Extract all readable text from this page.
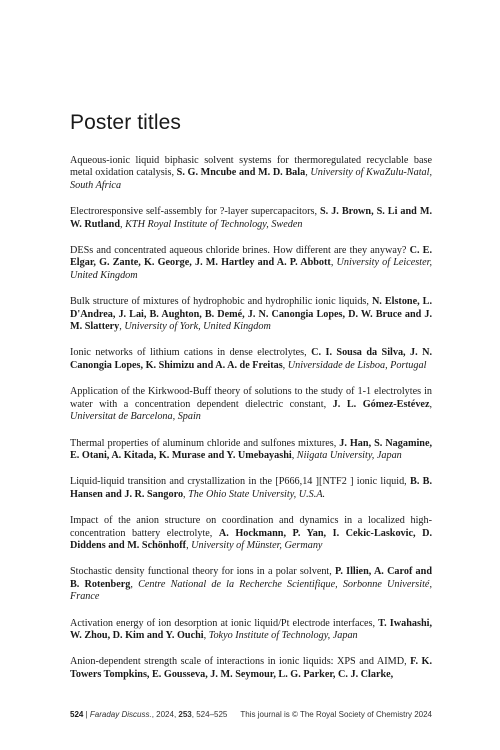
Poster titles

Aqueous-ionic liquid biphasic solvent systems for thermoregulated recyclable base metal oxidation catalysis, S. G. Mncube and M. D. Bala, University of KwaZulu-Natal, South Africa

Electroresponsive self-assembly for ?-layer supercapacitors, S. J. Brown, S. Li and M. W. Rutland, KTH Royal Institute of Technology, Sweden

DESs and concentrated aqueous chloride brines. How different are they anyway? C. E. Elgar, G. Zante, K. George, J. M. Hartley and A. P. Abbott, University of Leicester, United Kingdom

Bulk structure of mixtures of hydrophobic and hydrophilic ionic liquids, N. Elstone, L. D'Andrea, J. Lai, B. Aughton, B. Demé, J. N. Canongia Lopes, D. W. Bruce and J. M. Slattery, University of York, United Kingdom

Ionic networks of lithium cations in dense electrolytes, C. I. Sousa da Silva, J. N. Canongia Lopes, K. Shimizu and A. A. de Freitas, Universidade de Lisboa, Portugal

Application of the Kirkwood-Buff theory of solutions to the study of 1-1 electrolytes in water with a concentration dependent dielectric constant, J. L. Gómez-Estévez, Universitat de Barcelona, Spain

Thermal properties of aluminum chloride and sulfones mixtures, J. Han, S. Nagamine, E. Otani, A. Kitada, K. Murase and Y. Umebayashi, Niigata University, Japan

Liquid-liquid transition and crystallization in the [P666,14 ][NTF2 ] ionic liquid, B. B. Hansen and J. R. Sangoro, The Ohio State University, U.S.A.

Impact of the anion structure on coordination and dynamics in a localized high-concentration battery electrolyte, A. Hockmann, P. Yan, I. Cekic-Laskovic, D. Diddens and M. Schönhoff, University of Münster, Germany

Stochastic density functional theory for ions in a polar solvent, P. Illien, A. Carof and B. Rotenberg, Centre National de la Recherche Scientifique, Sorbonne Université, France

Activation energy of ion desorption at ionic liquid/Pt electrode interfaces, T. Iwahashi, W. Zhou, D. Kim and Y. Ouchi, Tokyo Institute of Technology, Japan

Anion-dependent strength scale of interactions in ionic liquids: XPS and AIMD, F. K. Towers Tompkins, E. Gousseva, J. M. Seymour, L. G. Parker, C. J. Clarke,

524 | Faraday Discuss., 2024, 253, 524–525 This journal is © The Royal Society of Chemistry 2024
